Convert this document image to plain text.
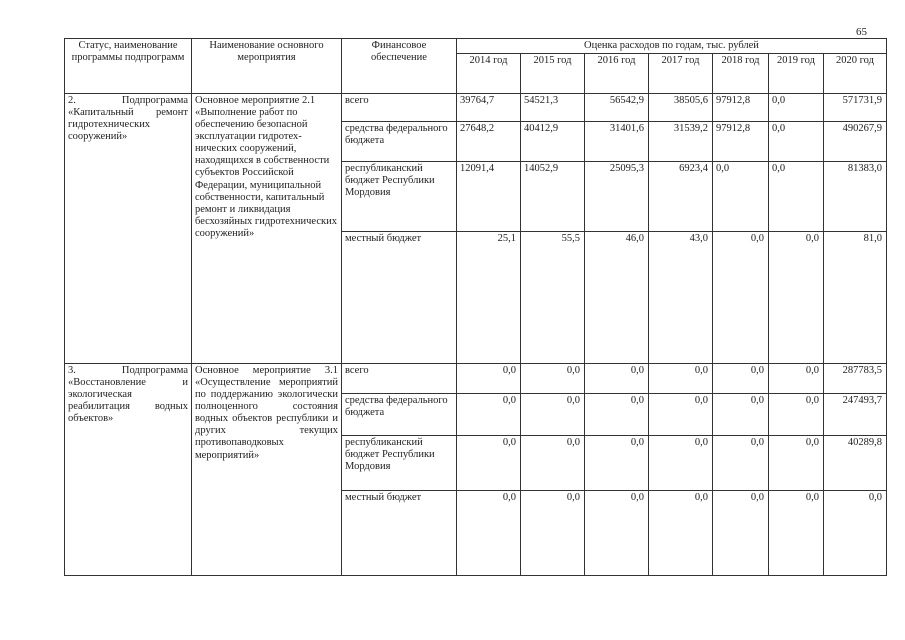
65
Статус, наименование программы подпрограмм	Наименование основного мероприятия	Финансовое обеспечение	Оценка расходов по годам, тыс. рублей						
			2014 год	2015 год	2016 год	2017 год	2018 год	2019 год	2020 год
2. Подпрограмма «Капитальный ремонт гидротехнических сооружений»	Основное мероприятие 2.1 «Выполнение работ по обеспечению безопасной эксплуатации гидротех-нических сооружений, находящихся в собственности субъектов Российской Федерации, муниципальной собственности, капитальный ремонт и ликвидация бесхозяйных гидротехнических сооружений»	всего	39764,7	54521,3	56542,9	38505,6	97912,8	0,0	571731,9
		средства федерального бюджета	27648,2	40412,9	31401,6	31539,2	97912,8	0,0	490267,9
		республиканский бюджет Республики Мордовия	12091,4	14052,9	25095,3	6923,4	0,0	0,0	81383,0
		местный бюджет	25,1	55,5	46,0	43,0	0,0	0,0	81,0
3. Подпрограмма «Восстановление и экологическая реабилитация водных объектов»	Основное мероприятие 3.1 «Осуществление мероприятий по поддержанию экологически полноценного состояния водных объектов республики и других текущих противопаводковых мероприятий»	всего	0,0	0,0	0,0	0,0	0,0	0,0	287783,5
		средства федерального бюджета	0,0	0,0	0,0	0,0	0,0	0,0	247493,7
		республиканский бюджет Республики Мордовия	0,0	0,0	0,0	0,0	0,0	0,0	40289,8
		местный бюджет	0,0	0,0	0,0	0,0	0,0	0,0	0,0
